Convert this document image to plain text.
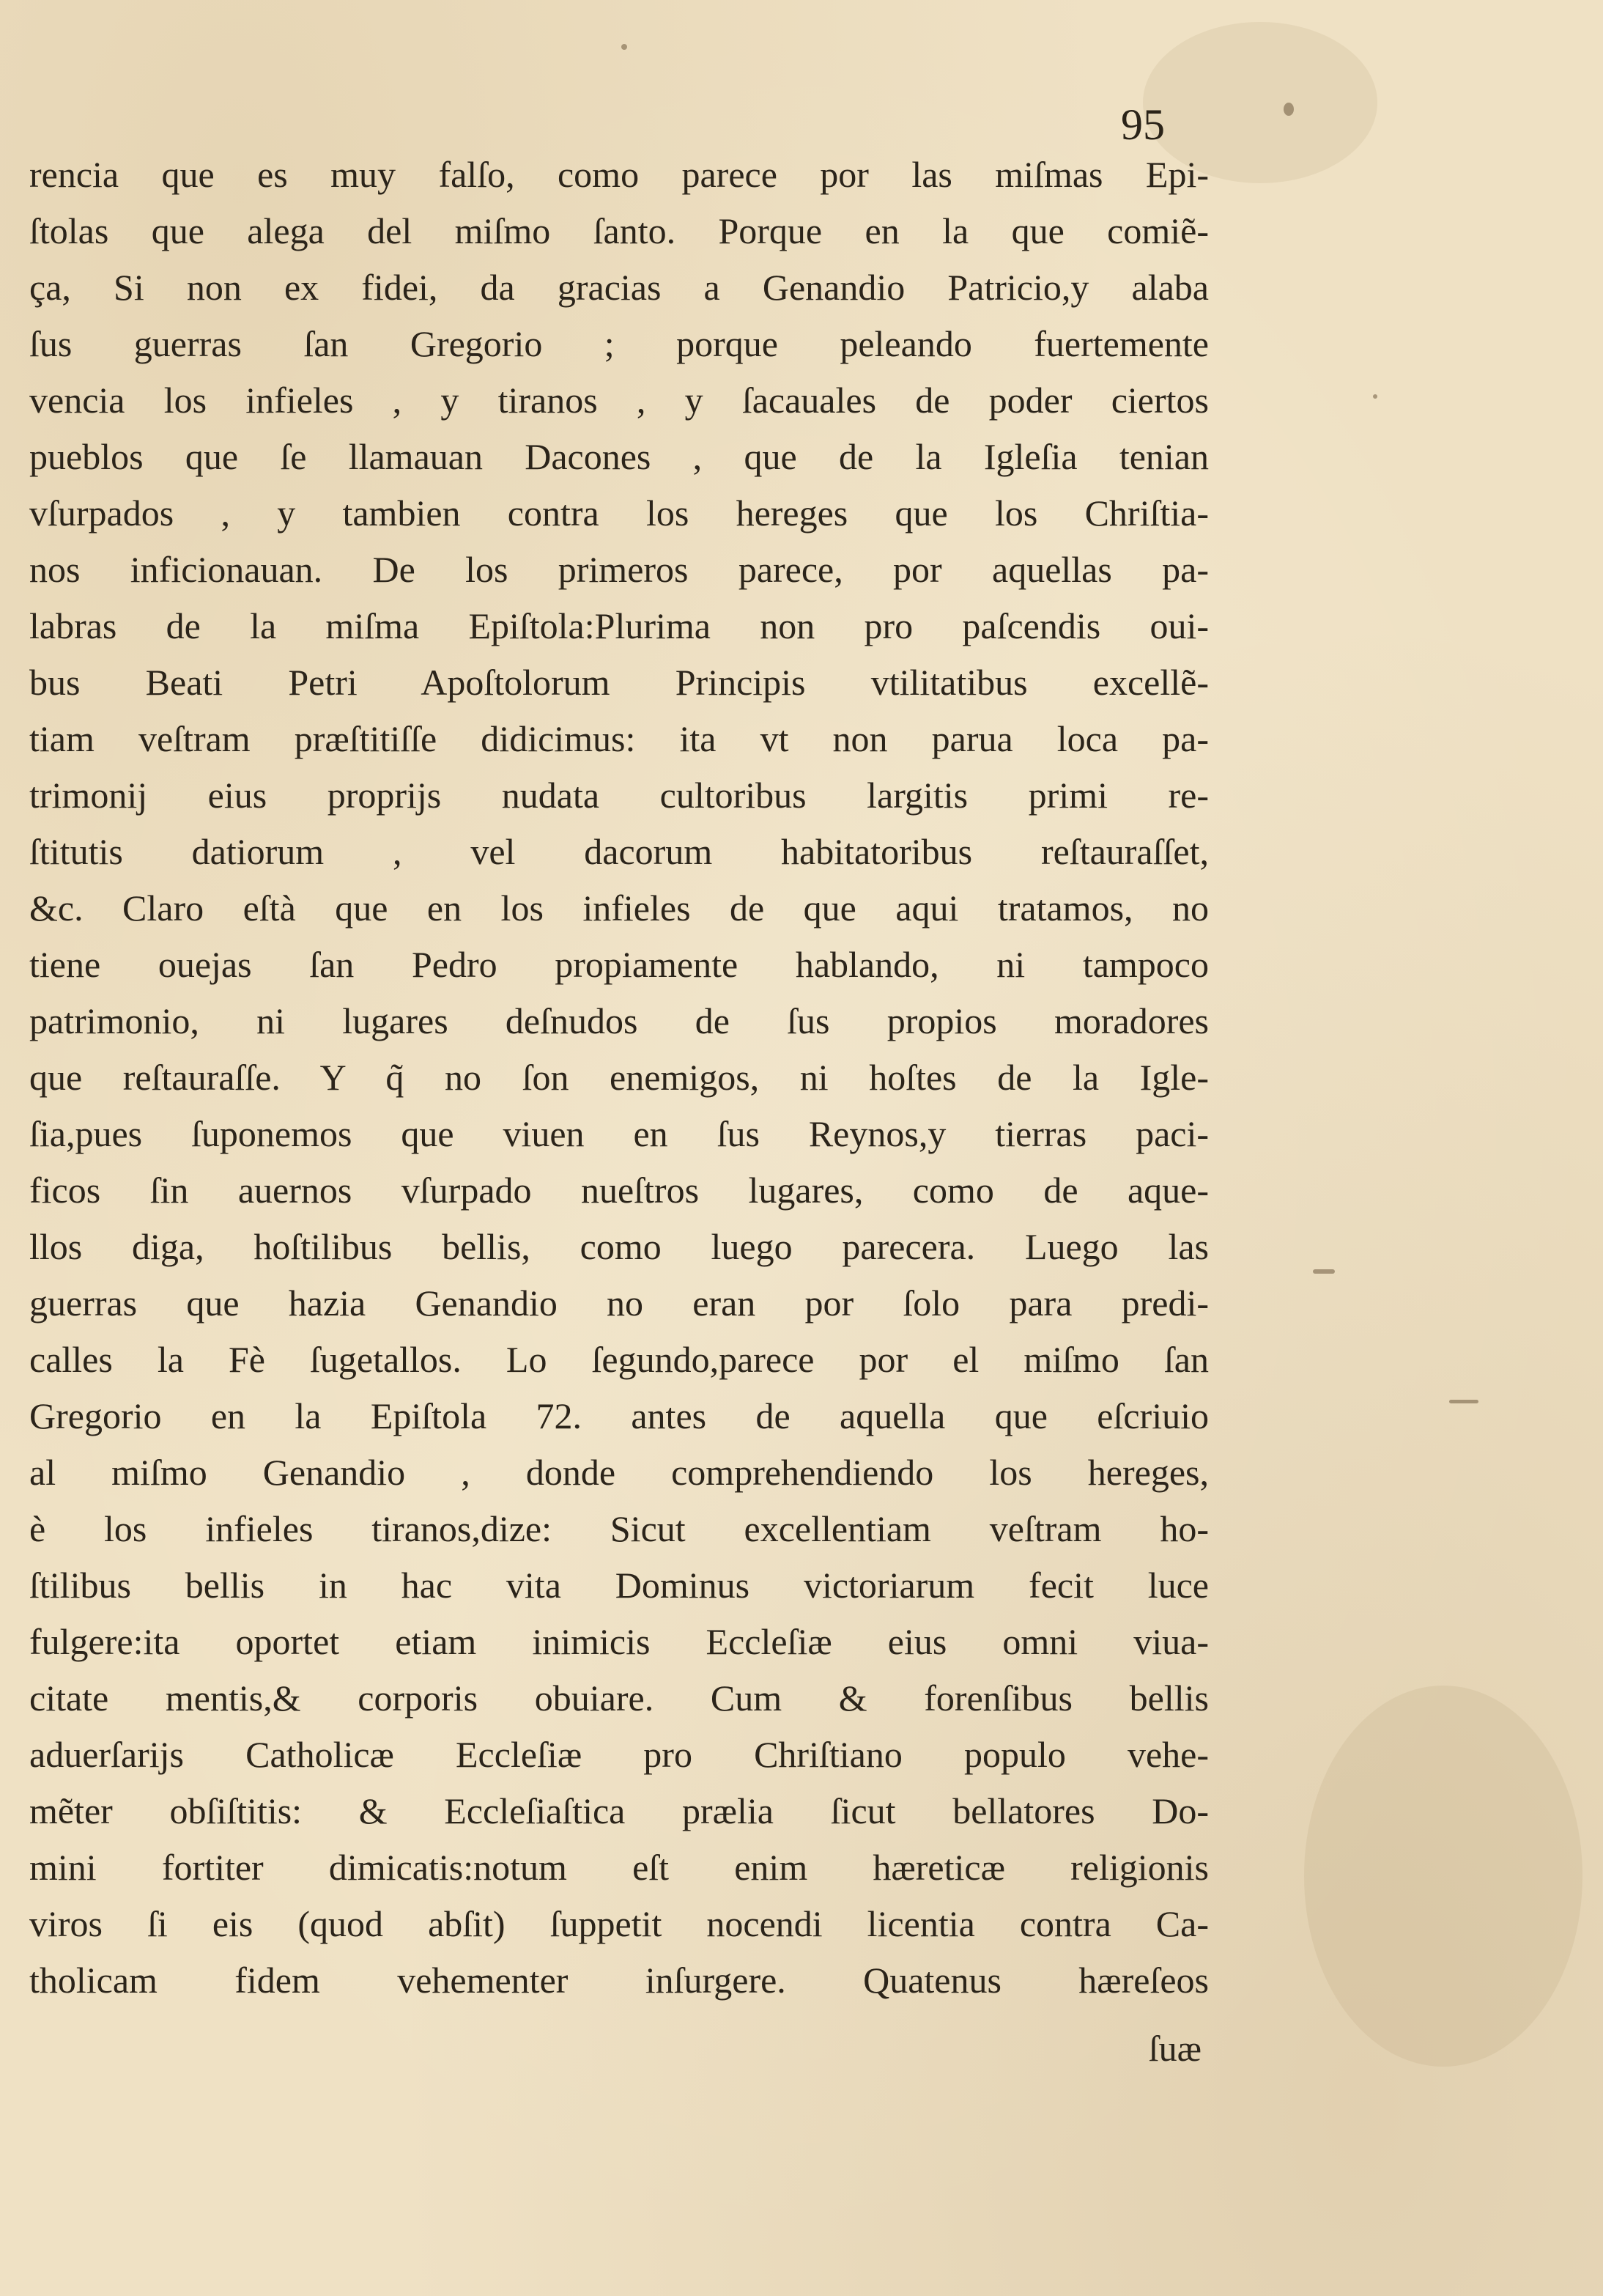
95
rencia que es muy falſo, como parece por las miſmas Epi-
ſtolas que alega del miſmo ſanto. Porque en la que comiẽ-
ça, Si non ex fidei, da gracias a Genandio Patricio,y alaba
ſus guerras ſan Gregorio ; porque peleando fuertemente
vencia los infieles , y tiranos , y ſacauales de poder ciertos
pueblos que ſe llamauan Dacones , que de la Igleſia tenian
vſurpados , y tambien contra los hereges que los Chriſtia-
nos inficionauan. De los primeros parece, por aquellas pa-
labras de la miſma Epiſtola:Plurima non pro paſcendis oui-
bus Beati Petri Apoſtolorum Principis vtilitatibus excellẽ-
tiam veſtram præſtitiſſe didicimus: ita vt non parua loca pa-
trimonij eius proprijs nudata cultoribus largitis primi re-
ſtitutis datiorum , vel dacorum habitatoribus reſtauraſſet,
&c. Claro eſtà que en los infieles de que aqui tratamos, no
tiene ouejas ſan Pedro propiamente hablando, ni tampoco
patrimonio, ni lugares deſnudos de ſus propios moradores
que reſtauraſſe. Y q̃ no ſon enemigos, ni hoſtes de la Igle-
ſia,pues ſuponemos que viuen en ſus Reynos,y tierras paci-
ficos ſin auernos vſurpado nueſtros lugares, como de aque-
llos diga, hoſtilibus bellis, como luego parecera. Luego las
guerras que hazia Genandio no eran por ſolo para predi-
calles la Fè ſugetallos. Lo ſegundo,parece por el miſmo ſan
Gregorio en la Epiſtola 72. antes de aquella que eſcriuio
al miſmo Genandio , donde comprehendiendo los hereges,
è los infieles tiranos,dize: Sicut excellentiam veſtram ho-
ſtilibus bellis in hac vita Dominus victoriarum fecit luce
fulgere:ita oportet etiam inimicis Eccleſiæ eius omni viua-
citate mentis,& corporis obuiare. Cum & forenſibus bellis
aduerſarijs Catholicæ Eccleſiæ pro Chriſtiano populo vehe-
mẽter obſiſtitis: & Eccleſiaſtica prælia ſicut bellatores Do-
mini fortiter dimicatis:notum eſt enim hæreticæ religionis
viros ſi eis (quod abſit) ſuppetit nocendi licentia contra Ca-
tholicam fidem vehementer inſurgere. Quatenus hæreſeos
ſuæ
